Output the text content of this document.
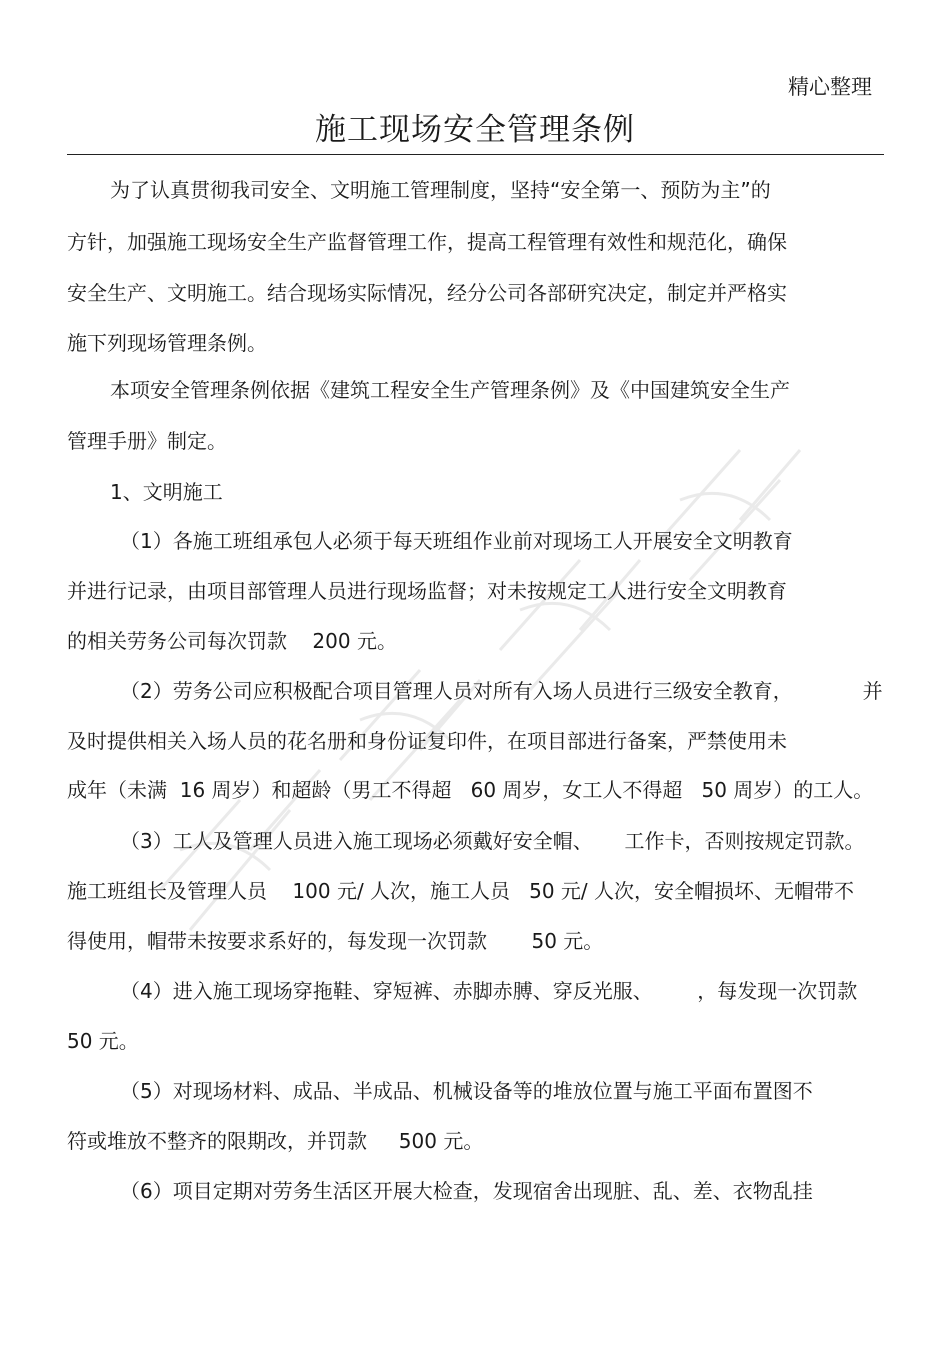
精心整理
施工现场安全管理条例
为了认真贯彻我司安全、文明施工管理制度，坚持“安全第一、预防为主”的
方针，加强施工现场安全生产监督管理工作，提高工程管理有效性和规范化，确保
安全生产、文明施工。结合现场实际情况，经分公司各部研究决定，制定并严格实
施下列现场管理条例。
本项安全管理条例依据《建筑工程安全生产管理条例》及《中国建筑安全生产
管理手册》制定。
1、文明施工
（1）各施工班组承包人必须于每天班组作业前对现场工人开展安全文明教育
并进行记录，由项目部管理人员进行现场监督；对未按规定工人进行安全文明教育
的相关劳务公司每次罚款    200 元。
（2）劳务公司应积极配合项目管理人员对所有入场人员进行三级安全教育，           并
及时提供相关入场人员的花名册和身份证复印件，在项目部进行备案，严禁使用未
成年（未满  16 周岁）和超龄（男工不得超   60 周岁，女工人不得超   50 周岁）的工人。
（3）工人及管理人员进入施工现场必须戴好安全帽、     工作卡，否则按规定罚款。
施工班组长及管理人员    100 元/ 人次，施工人员   50 元/ 人次，安全帽损坏、无帽带不
得使用，帽带未按要求系好的，每发现一次罚款       50 元。
（4）进入施工现场穿拖鞋、穿短裤、赤脚赤膊、穿反光服、       ，每发现一次罚款
50 元。
（5）对现场材料、成品、半成品、机械设备等的堆放位置与施工平面布置图不
符或堆放不整齐的限期改，并罚款     500 元。
（6）项目定期对劳务生活区开展大检查，发现宿舍出现脏、乱、差、衣物乱挂
